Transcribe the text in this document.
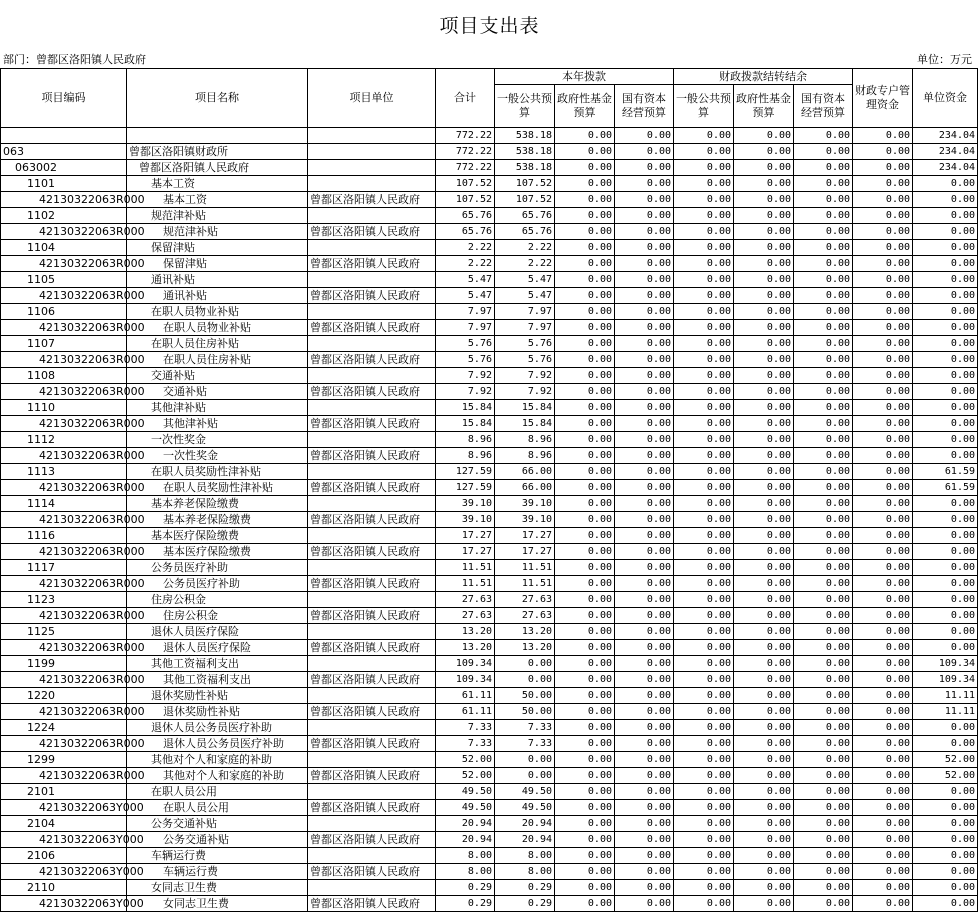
项目支出表
部门：曾都区洛阳镇人民政府	单位：万元
项目编码	项目名称	项目单位	合计	本年拨款			财政拨款结转结余			财政专户管理资金	单位资金
				一般公共预算	政府性基金预算	国有资本经营预算	一般公共预算	政府性基金预算	国有资本经营预算		
			772.22	538.18	0.00	0.00	0.00	0.00	0.00	0.00	234.04
063	曾都区洛阳镇财政所		772.22	538.18	0.00	0.00	0.00	0.00	0.00	0.00	234.04
063002	曾都区洛阳镇人民政府		772.22	538.18	0.00	0.00	0.00	0.00	0.00	0.00	234.04
1101	基本工资		107.52	107.52	0.00	0.00	0.00	0.00	0.00	0.00	0.00
42130322063R000	基本工资	曾都区洛阳镇人民政府	107.52	107.52	0.00	0.00	0.00	0.00	0.00	0.00	0.00
1102	规范津补贴		65.76	65.76	0.00	0.00	0.00	0.00	0.00	0.00	0.00
42130322063R000	规范津补贴	曾都区洛阳镇人民政府	65.76	65.76	0.00	0.00	0.00	0.00	0.00	0.00	0.00
1104	保留津贴		2.22	2.22	0.00	0.00	0.00	0.00	0.00	0.00	0.00
42130322063R000	保留津贴	曾都区洛阳镇人民政府	2.22	2.22	0.00	0.00	0.00	0.00	0.00	0.00	0.00
1105	通讯补贴		5.47	5.47	0.00	0.00	0.00	0.00	0.00	0.00	0.00
42130322063R000	通讯补贴	曾都区洛阳镇人民政府	5.47	5.47	0.00	0.00	0.00	0.00	0.00	0.00	0.00
1106	在职人员物业补贴		7.97	7.97	0.00	0.00	0.00	0.00	0.00	0.00	0.00
42130322063R000	在职人员物业补贴	曾都区洛阳镇人民政府	7.97	7.97	0.00	0.00	0.00	0.00	0.00	0.00	0.00
1107	在职人员住房补贴		5.76	5.76	0.00	0.00	0.00	0.00	0.00	0.00	0.00
42130322063R000	在职人员住房补贴	曾都区洛阳镇人民政府	5.76	5.76	0.00	0.00	0.00	0.00	0.00	0.00	0.00
1108	交通补贴		7.92	7.92	0.00	0.00	0.00	0.00	0.00	0.00	0.00
42130322063R000	交通补贴	曾都区洛阳镇人民政府	7.92	7.92	0.00	0.00	0.00	0.00	0.00	0.00	0.00
1110	其他津补贴		15.84	15.84	0.00	0.00	0.00	0.00	0.00	0.00	0.00
42130322063R000	其他津补贴	曾都区洛阳镇人民政府	15.84	15.84	0.00	0.00	0.00	0.00	0.00	0.00	0.00
1112	一次性奖金		8.96	8.96	0.00	0.00	0.00	0.00	0.00	0.00	0.00
42130322063R000	一次性奖金	曾都区洛阳镇人民政府	8.96	8.96	0.00	0.00	0.00	0.00	0.00	0.00	0.00
1113	在职人员奖励性津补贴		127.59	66.00	0.00	0.00	0.00	0.00	0.00	0.00	61.59
42130322063R000	在职人员奖励性津补贴	曾都区洛阳镇人民政府	127.59	66.00	0.00	0.00	0.00	0.00	0.00	0.00	61.59
1114	基本养老保险缴费		39.10	39.10	0.00	0.00	0.00	0.00	0.00	0.00	0.00
42130322063R000	基本养老保险缴费	曾都区洛阳镇人民政府	39.10	39.10	0.00	0.00	0.00	0.00	0.00	0.00	0.00
1116	基本医疗保险缴费		17.27	17.27	0.00	0.00	0.00	0.00	0.00	0.00	0.00
42130322063R000	基本医疗保险缴费	曾都区洛阳镇人民政府	17.27	17.27	0.00	0.00	0.00	0.00	0.00	0.00	0.00
1117	公务员医疗补助		11.51	11.51	0.00	0.00	0.00	0.00	0.00	0.00	0.00
42130322063R000	公务员医疗补助	曾都区洛阳镇人民政府	11.51	11.51	0.00	0.00	0.00	0.00	0.00	0.00	0.00
1123	住房公积金		27.63	27.63	0.00	0.00	0.00	0.00	0.00	0.00	0.00
42130322063R000	住房公积金	曾都区洛阳镇人民政府	27.63	27.63	0.00	0.00	0.00	0.00	0.00	0.00	0.00
1125	退休人员医疗保险		13.20	13.20	0.00	0.00	0.00	0.00	0.00	0.00	0.00
42130322063R000	退休人员医疗保险	曾都区洛阳镇人民政府	13.20	13.20	0.00	0.00	0.00	0.00	0.00	0.00	0.00
1199	其他工资福利支出		109.34	0.00	0.00	0.00	0.00	0.00	0.00	0.00	109.34
42130322063R000	其他工资福利支出	曾都区洛阳镇人民政府	109.34	0.00	0.00	0.00	0.00	0.00	0.00	0.00	109.34
1220	退休奖励性补贴		61.11	50.00	0.00	0.00	0.00	0.00	0.00	0.00	11.11
42130322063R000	退休奖励性补贴	曾都区洛阳镇人民政府	61.11	50.00	0.00	0.00	0.00	0.00	0.00	0.00	11.11
1224	退休人员公务员医疗补助		7.33	7.33	0.00	0.00	0.00	0.00	0.00	0.00	0.00
42130322063R000	退休人员公务员医疗补助	曾都区洛阳镇人民政府	7.33	7.33	0.00	0.00	0.00	0.00	0.00	0.00	0.00
1299	其他对个人和家庭的补助		52.00	0.00	0.00	0.00	0.00	0.00	0.00	0.00	52.00
42130322063R000	其他对个人和家庭的补助	曾都区洛阳镇人民政府	52.00	0.00	0.00	0.00	0.00	0.00	0.00	0.00	52.00
2101	在职人员公用		49.50	49.50	0.00	0.00	0.00	0.00	0.00	0.00	0.00
42130322063Y000	在职人员公用	曾都区洛阳镇人民政府	49.50	49.50	0.00	0.00	0.00	0.00	0.00	0.00	0.00
2104	公务交通补贴		20.94	20.94	0.00	0.00	0.00	0.00	0.00	0.00	0.00
42130322063Y000	公务交通补贴	曾都区洛阳镇人民政府	20.94	20.94	0.00	0.00	0.00	0.00	0.00	0.00	0.00
2106	车辆运行费		8.00	8.00	0.00	0.00	0.00	0.00	0.00	0.00	0.00
42130322063Y000	车辆运行费	曾都区洛阳镇人民政府	8.00	8.00	0.00	0.00	0.00	0.00	0.00	0.00	0.00
2110	女同志卫生费		0.29	0.29	0.00	0.00	0.00	0.00	0.00	0.00	0.00
42130322063Y000	女同志卫生费	曾都区洛阳镇人民政府	0.29	0.29	0.00	0.00	0.00	0.00	0.00	0.00	0.00
